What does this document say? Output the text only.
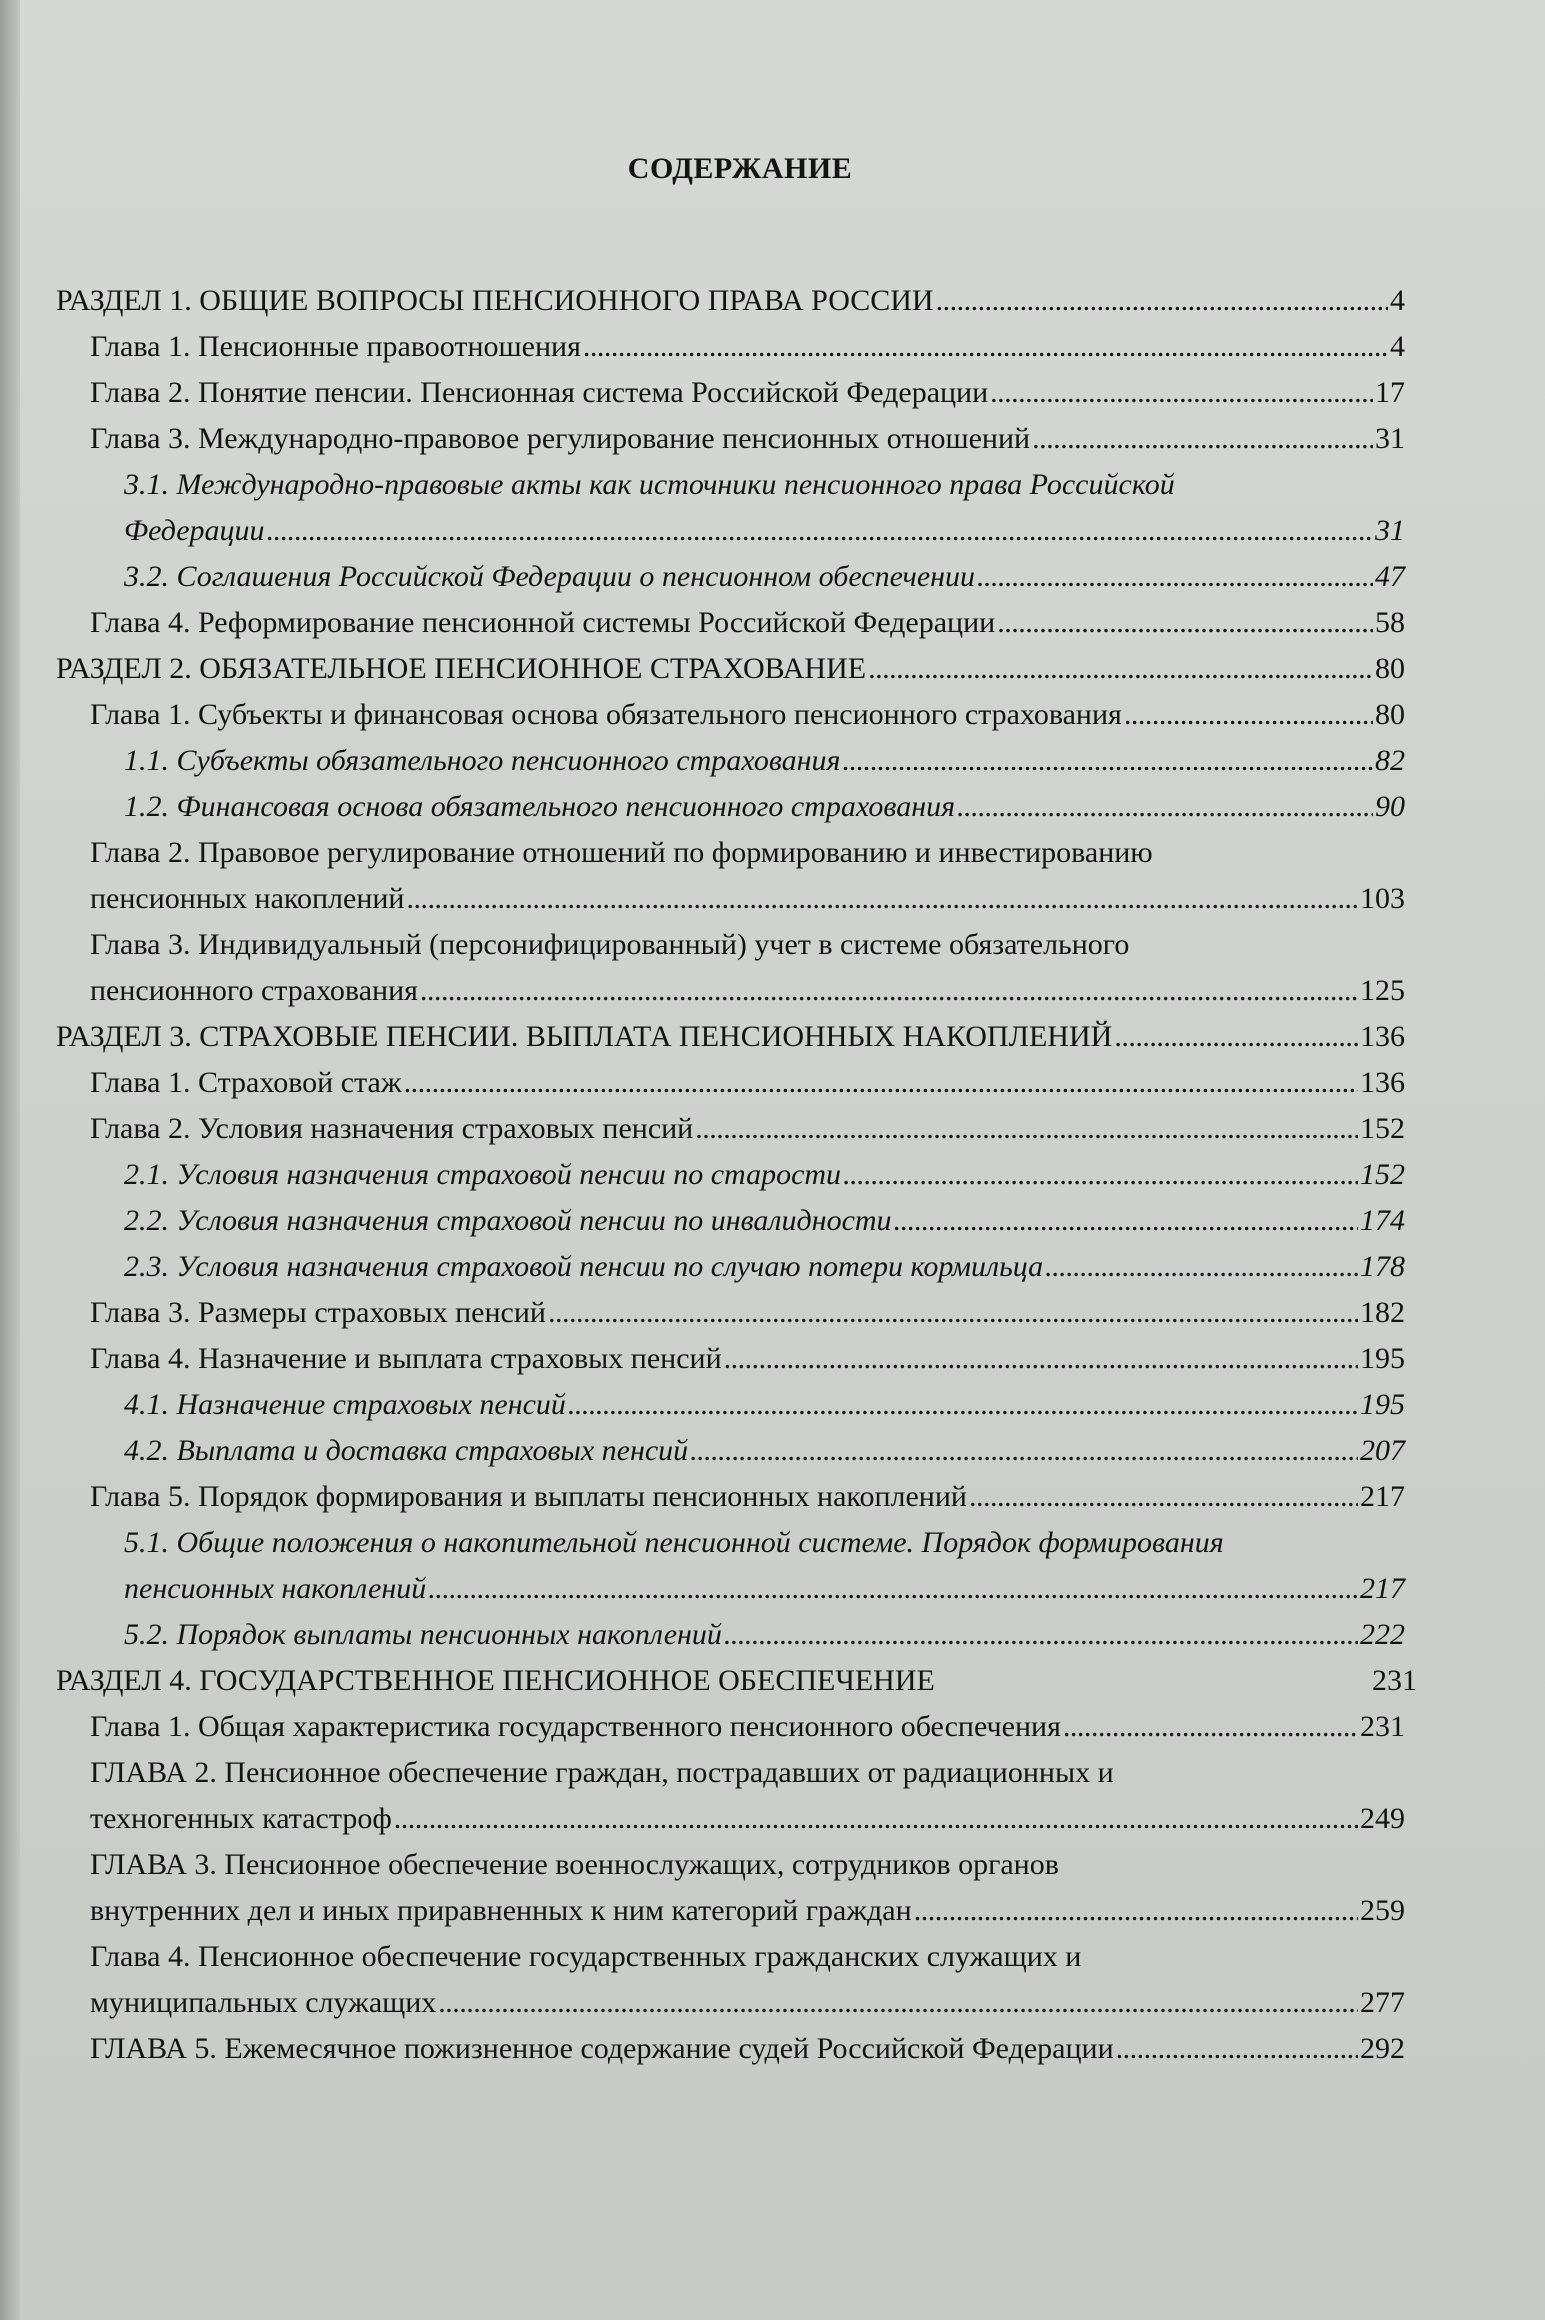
СОДЕРЖАНИЕ
РАЗДЕЛ 1. ОБЩИЕ ВОПРОСЫ ПЕНСИОННОГО ПРАВА РОССИИ . . .	4
Глава 1. Пенсионные правоотношения . . .	4
Глава 2. Понятие пенсии. Пенсионная система Российской Федерации . . .	17
Глава 3. Международно-правовое регулирование пенсионных отношений . . .	31
3.1. Международно-правовые акты как источники пенсионного права Российской
Федерации . . .	31
3.2. Соглашения Российской Федерации о пенсионном обеспечении . . .	47
Глава 4. Реформирование пенсионной системы Российской Федерации . . .	58
РАЗДЕЛ 2. ОБЯЗАТЕЛЬНОЕ ПЕНСИОННОЕ СТРАХОВАНИЕ . . .	80
Глава 1. Субъекты и финансовая основа обязательного пенсионного страхования . . .	80
1.1. Субъекты обязательного пенсионного страхования . . .	82
1.2. Финансовая основа обязательного пенсионного страхования . . .	90
Глава 2. Правовое регулирование отношений по формированию и инвестированию
пенсионных накоплений . . .	103
Глава 3. Индивидуальный (персонифицированный) учет в системе обязательного
пенсионного страхования . . .	125
РАЗДЕЛ 3. СТРАХОВЫЕ ПЕНСИИ. ВЫПЛАТА ПЕНСИОННЫХ НАКОПЛЕНИЙ . . .	136
Глава 1. Страховой стаж . . .	136
Глава 2. Условия назначения страховых пенсий . . .	152
2.1. Условия назначения страховой пенсии по старости . . .	152
2.2. Условия назначения страховой пенсии по инвалидности . . .	174
2.3. Условия назначения страховой пенсии по случаю потери кормильца . . .	178
Глава 3. Размеры страховых пенсий . . .	182
Глава 4. Назначение и выплата страховых пенсий . . .	195
4.1. Назначение страховых пенсий . . .	195
4.2. Выплата и доставка страховых пенсий . . .	207
Глава 5. Порядок формирования и выплаты пенсионных накоплений . . .	217
5.1. Общие положения о накопительной пенсионной системе. Порядок формирования
пенсионных накоплений . . .	217
5.2. Порядок выплаты пенсионных накоплений . . .	222
РАЗДЕЛ 4. ГОСУДАРСТВЕННОЕ ПЕНСИОННОЕ ОБЕСПЕЧЕНИЕ	231
Глава 1. Общая характеристика государственного пенсионного обеспечения . . .	231
ГЛАВА 2. Пенсионное обеспечение граждан, пострадавших от радиационных и
техногенных катастроф . . .	249
ГЛАВА 3. Пенсионное обеспечение военнослужащих, сотрудников органов
внутренних дел и иных приравненных к ним категорий граждан . . .	259
Глава 4. Пенсионное обеспечение государственных гражданских служащих и
муниципальных служащих . . .	277
ГЛАВА 5. Ежемесячное пожизненное содержание судей Российской Федерации . . .	292
